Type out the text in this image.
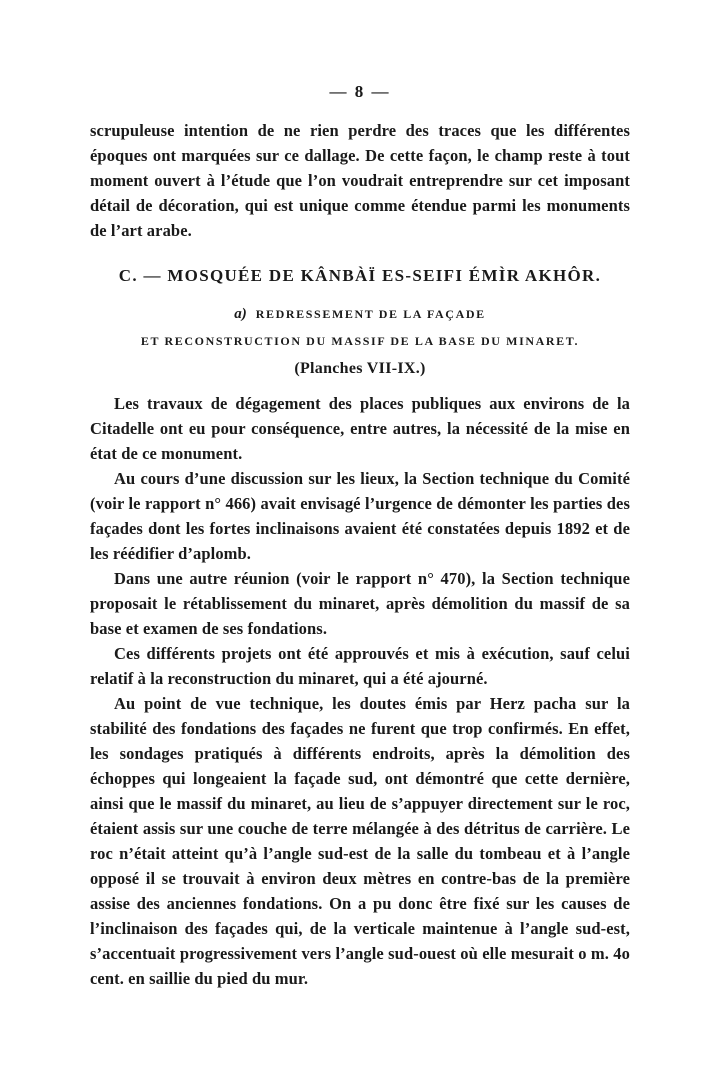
— 8 —

scrupuleuse intention de ne rien perdre des traces que les différentes époques ont marquées sur ce dallage. De cette façon, le champ reste à tout moment ouvert à l’étude que l’on voudrait entreprendre sur cet imposant détail de décoration, qui est unique comme étendue parmi les monuments de l’art arabe.

C. — MOSQUÉE DE KÂNBÀÏ ES-SEIFI ÉMÌR AKHÔR.
a) REDRESSEMENT DE LA FAÇADE
ET RECONSTRUCTION DU MASSIF DE LA BASE DU MINARET.
(Planches VII-IX.)

Les travaux de dégagement des places publiques aux environs de la Citadelle ont eu pour conséquence, entre autres, la nécessité de la mise en état de ce monument.

Au cours d’une discussion sur les lieux, la Section technique du Comité (voir le rapport n° 466) avait envisagé l’urgence de démonter les parties des façades dont les fortes inclinaisons avaient été constatées depuis 1892 et de les réédifier d’aplomb.

Dans une autre réunion (voir le rapport n° 470), la Section technique proposait le rétablissement du minaret, après démolition du massif de sa base et examen de ses fondations.

Ces différents projets ont été approuvés et mis à exécution, sauf celui relatif à la reconstruction du minaret, qui a été ajourné.

Au point de vue technique, les doutes émis par Herz pacha sur la stabilité des fondations des façades ne furent que trop confirmés. En effet, les sondages pratiqués à différents endroits, après la démolition des échoppes qui longeaient la façade sud, ont démontré que cette dernière, ainsi que le massif du minaret, au lieu de s’appuyer directement sur le roc, étaient assis sur une couche de terre mélangée à des détritus de carrière. Le roc n’était atteint qu’à l’angle sud-est de la salle du tombeau et à l’angle opposé il se trouvait à environ deux mètres en contre-bas de la première assise des anciennes fondations. On a pu donc être fixé sur les causes de l’inclinaison des façades qui, de la verticale maintenue à l’angle sud-est, s’accentuait progressivement vers l’angle sud-ouest où elle mesurait o m. 4o cent. en saillie du pied du mur.
